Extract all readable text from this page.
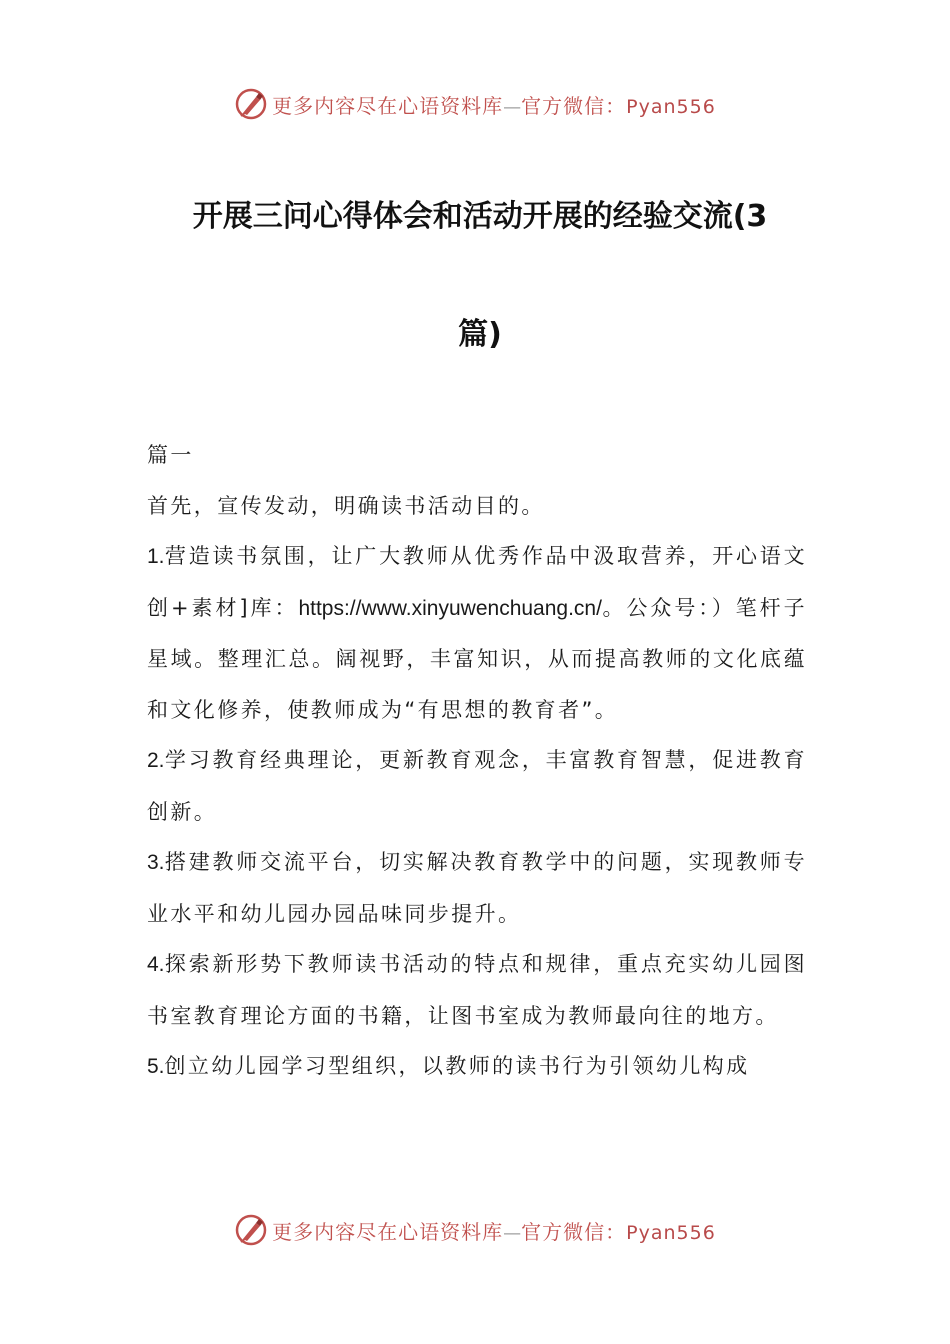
更多内容尽在心语资料库—官方微信：Pyan556
开展三问心得体会和活动开展的经验交流(3
篇)

篇一

首先，宣传发动，明确读书活动目的。

1.营造读书氛围，让广大教师从优秀作品中汲取营养，开心语文创+素材]库：https://www.xinyuwenchuang.cn/。公众号：）笔杆子星域。整理汇总。阔视野，丰富知识，从而提高教师的文化底蕴和文化修养，使教师成为“有思想的教育者”。

2.学习教育经典理论，更新教育观念，丰富教育智慧，促进教育创新。

3.搭建教师交流平台，切实解决教育教学中的问题，实现教师专业水平和幼儿园办园品味同步提升。

4.探索新形势下教师读书活动的特点和规律，重点充实幼儿园图书室教育理论方面的书籍，让图书室成为教师最向往的地方。

5.创立幼儿园学习型组织，以教师的读书行为引领幼儿构成

更多内容尽在心语资料库—官方微信：Pyan556
